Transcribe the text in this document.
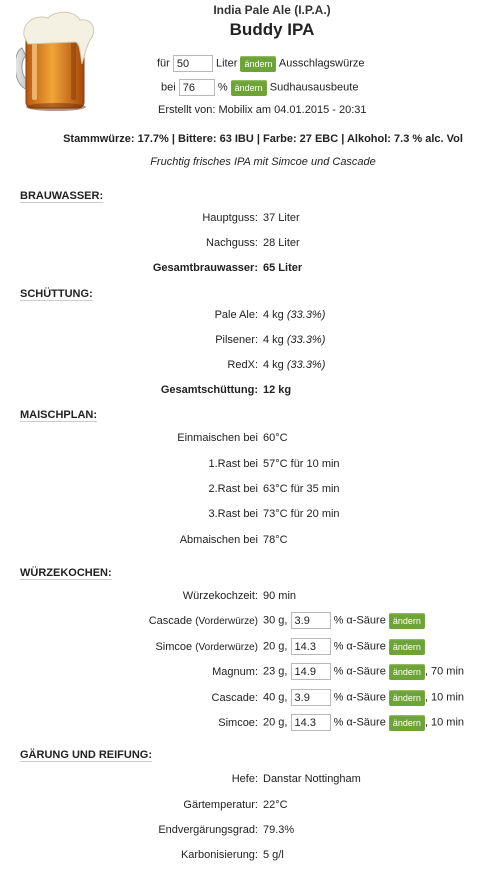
India Pale Ale (I.P.A.)
Buddy IPA
für 50 Liter ändern Ausschlagswürze
bei 76 % ändern Sudhausausbeute
Erstellt von: Mobilix am 04.01.2015 - 20:31
Stammwürze: 17.7% | Bittere: 63 IBU | Farbe: 27 EBC | Alkohol: 7.3 % alc. Vol
Fruchtig frisches IPA mit Simcoe und Cascade
BRAUWASSER:
Hauptguss: 37 Liter
Nachguss: 28 Liter
Gesamtbrauwasser: 65 Liter
SCHÜTTUNG:
Pale Ale: 4 kg (33.3%)
Pilsener: 4 kg (33.3%)
RedX: 4 kg (33.3%)
Gesamtschüttung: 12 kg
MAISCHPLAN:
Einmaischen bei 60°C
1.Rast bei 57°C für 10 min
2.Rast bei 63°C für 35 min
3.Rast bei 73°C für 20 min
Abmaischen bei 78°C
WÜRZEKOCHEN:
Würzekochzeit: 90 min
Cascade (Vorderwürze) 30 g, 3.9 % α-Säure ändern
Simcoe (Vorderwürze) 20 g, 14.3 % α-Säure ändern
Magnum: 23 g, 14.9 % α-Säure ändern , 70 min
Cascade: 40 g, 3.9 % α-Säure ändern , 10 min
Simcoe: 20 g, 14.3 % α-Säure ändern , 10 min
GÄRUNG UND REIFUNG:
Hefe: Danstar Nottingham
Gärtemperatur: 22°C
Endvergärungsgrad: 79.3%
Karbonisierung: 5 g/l
